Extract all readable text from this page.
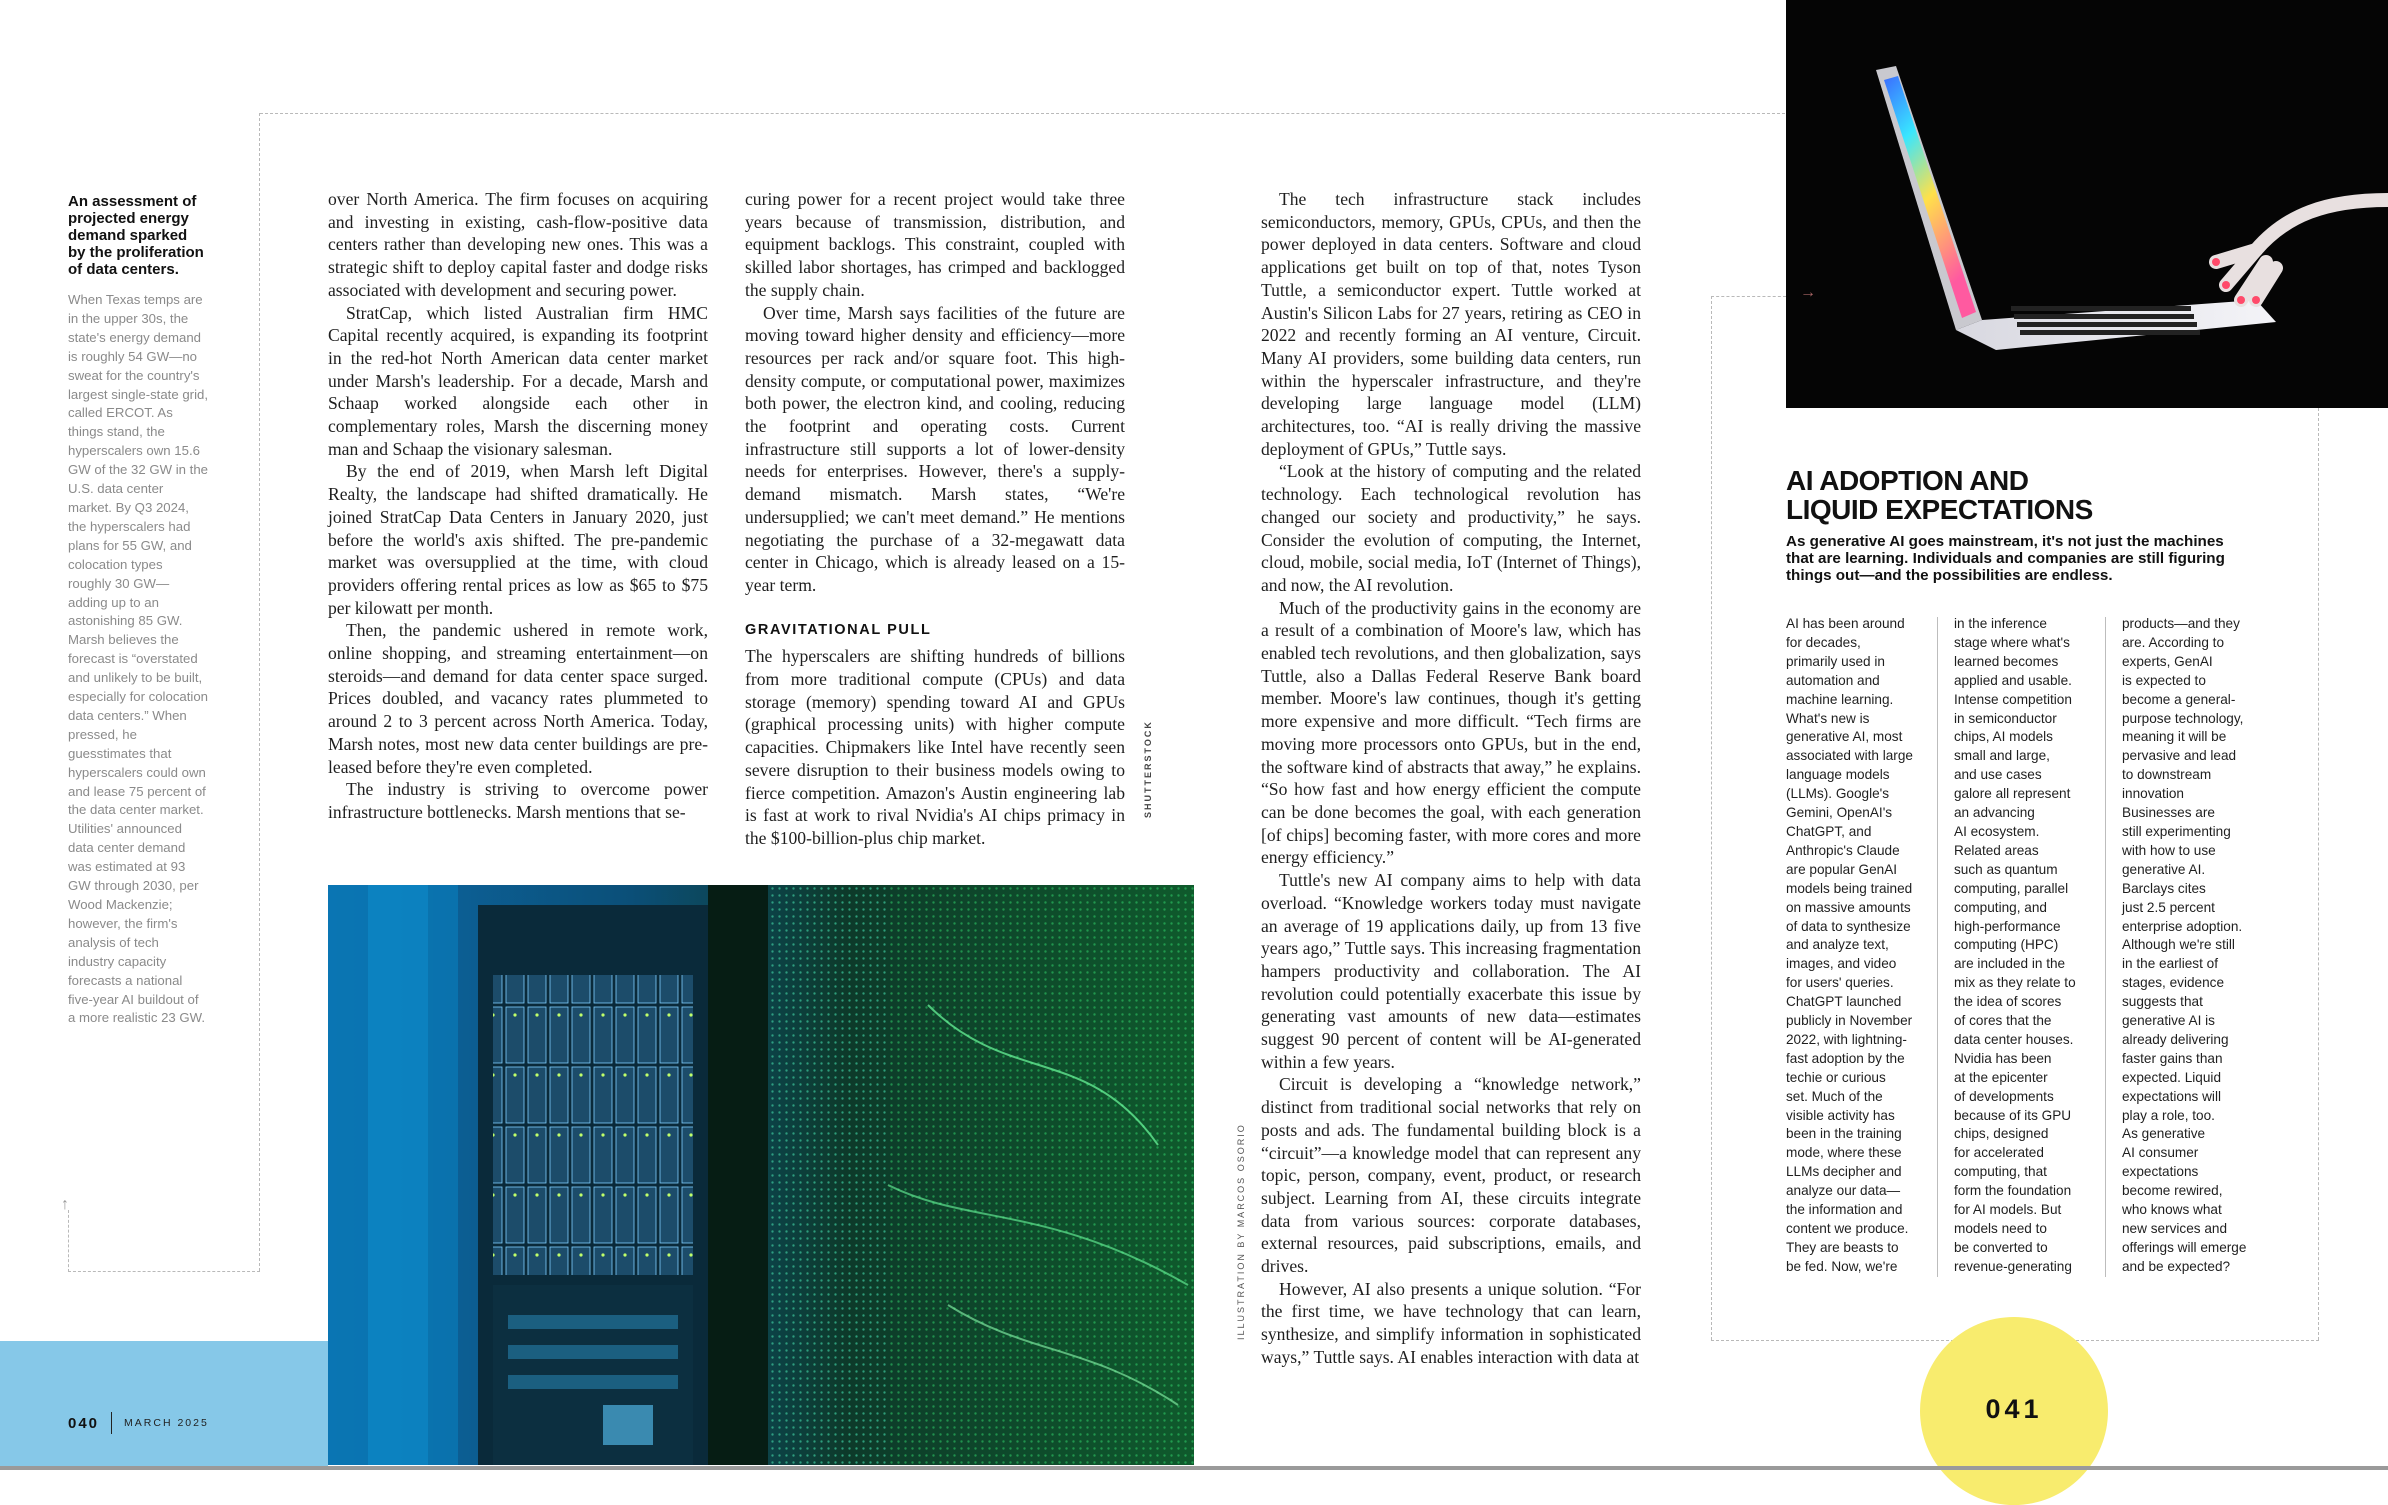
↑
An assessment of projected energy demand sparked by the proliferation of data centers.
When Texas temps are in the upper 30s, the state's energy demand is roughly 54 GW—no sweat for the country's largest single-state grid, called ERCOT. As things stand, the hyperscalers own 15.6 GW of the 32 GW in the U.S. data center market. By Q3 2024, the hyperscalers had plans for 55 GW, and colocation types roughly 30 GW—adding up to an astonishing 85 GW. Marsh believes the forecast is “overstated and unlikely to be built, especially for colocation data centers.” When pressed, he guesstimates that hyperscalers could own and lease 75 percent of the data center market. Utilities' announced data center demand was estimated at 93 GW through 2030, per Wood Mackenzie; however, the firm's analysis of tech industry capacity forecasts a national five-year AI buildout of a more realistic 23 GW.

over North America. The firm focuses on acquiring and investing in existing, cash-flow-positive data centers rather than developing new ones. This was a strategic shift to deploy capital faster and dodge risks associated with development and securing power.

StratCap, which listed Australian firm HMC Capital recently acquired, is expanding its footprint in the red-hot North American data center market under Marsh's leadership. For a decade, Marsh and Schaap worked alongside each other in complementary roles, Marsh the discerning money man and Schaap the visionary salesman.

By the end of 2019, when Marsh left Digital Realty, the landscape had shifted dramatically. He joined StratCap Data Centers in January 2020, just before the world's axis shifted. The pre-pandemic market was oversupplied at the time, with cloud providers offering rental prices as low as $65 to $75 per kilowatt per month.

Then, the pandemic ushered in remote work, online shopping, and streaming entertainment—on steroids—and demand for data center space surged. Prices doubled, and vacancy rates plummeted to around 2 to 3 percent across North America. Today, Marsh notes, most new data center buildings are pre-leased before they're even completed.

The industry is striving to overcome power infrastructure bottlenecks. Marsh mentions that se-

curing power for a recent project would take three years because of transmission, distribution, and equipment backlogs. This constraint, coupled with skilled labor shortages, has crimped and backlogged the supply chain.

Over time, Marsh says facilities of the future are moving toward higher density and efficiency—more resources per rack and/or square foot. This high-density compute, or computational power, maximizes both power, the electron kind, and cooling, reducing the footprint and operating costs. Current infrastructure still supports a lot of lower-density needs for enterprises. However, there's a supply-demand mismatch. Marsh states, “We're undersupplied; we can't meet demand.” He mentions negotiating the purchase of a 32-megawatt data center in Chicago, which is already leased on a 15-year term.

GRAVITATIONAL PULL

The hyperscalers are shifting hundreds of billions from more traditional compute (CPUs) and data storage (memory) spending toward AI and GPUs (graphical processing units) with higher compute capacities. Chipmakers like Intel have recently seen severe disruption to their business models owing to fierce competition. Amazon's Austin engineering lab is fast at work to rival Nvidia's AI chips primacy in the $100-billion-plus chip market.

SHUTTERSTOCK
040 MARCH 2025
ILLUSTRATION BY MARCOS OSORIO

The tech infrastructure stack includes semiconductors, memory, GPUs, CPUs, and then the power deployed in data centers. Software and cloud applications get built on top of that, notes Tyson Tuttle, a semiconductor expert. Tuttle worked at Austin's Silicon Labs for 27 years, retiring as CEO in 2022 and recently forming an AI venture, Circuit. Many AI providers, some building data centers, run within the hyperscaler infrastructure, and they're developing large language model (LLM) architectures, too. “AI is really driving the massive deployment of GPUs,” Tuttle says.

“Look at the history of computing and the related technology. Each technological revolution has changed our society and productivity,” he says. Consider the evolution of computing, the Internet, cloud, mobile, social media, IoT (Internet of Things), and now, the AI revolution.

Much of the productivity gains in the economy are a result of a combination of Moore's law, which has enabled tech revolutions, and then globalization, says Tuttle, also a Dallas Federal Reserve Bank board member. Moore's law continues, though it's getting more expensive and more difficult. “Tech firms are moving more processors onto GPUs, but in the end, the software kind of abstracts that away,” he explains. “So how fast and how energy efficient the compute can be done becomes the goal, with each generation [of chips] becoming faster, with more cores and more energy efficiency.”

Tuttle's new AI company aims to help with data overload. “Knowledge workers today must navigate an average of 19 applications daily, up from 13 five years ago,” Tuttle says. This increasing fragmentation hampers productivity and collaboration. The AI revolution could potentially exacerbate this issue by generating vast amounts of new data—estimates suggest 90 percent of content will be AI-generated within a few years.

Circuit is developing a “knowledge network,” distinct from traditional social networks that rely on posts and ads. The fundamental building block is a “circuit”—a knowledge model that can represent any topic, person, company, event, product, or research subject. Learning from AI, these circuits integrate data from various sources: corporate databases, external resources, paid subscriptions, emails, and drives.

However, AI also presents a unique solution. “For the first time, we have technology that can learn, synthesize, and simplify information in sophisticated ways,” Tuttle says. AI enables interaction with data at

→
AI ADOPTION AND
LIQUID EXPECTATIONS
As generative AI goes mainstream, it's not just the machines that are learning. Individuals and companies are still figuring things out—and the possibilities are endless.
AI has been around
for decades,
primarily used in
automation and
machine learning.
What's new is
generative AI, most
associated with large
language models
(LLMs). Google's
Gemini, OpenAI's
ChatGPT, and
Anthropic's Claude
are popular GenAI
models being trained
on massive amounts
of data to synthesize
and analyze text,
images, and video
for users' queries.
ChatGPT launched
publicly in November
2022, with lightning-
fast adoption by the
techie or curious
set. Much of the
visible activity has
been in the training
mode, where these
LLMs decipher and
analyze our data—
the information and
content we produce.
They are beasts to
be fed. Now, we're
in the inference
stage where what's
learned becomes
applied and usable.
Intense competition
in semiconductor
chips, AI models
small and large,
and use cases
galore all represent
an advancing
AI ecosystem.
Related areas
such as quantum
computing, parallel
computing, and
high-performance
computing (HPC)
are included in the
mix as they relate to
the idea of scores
of cores that the
data center houses.
Nvidia has been
at the epicenter
of developments
because of its GPU
chips, designed
for accelerated
computing, that
form the foundation
for AI models. But
models need to
be converted to
revenue-generating
products—and they
are. According to
experts, GenAI
is expected to
become a general-
purpose technology,
meaning it will be
pervasive and lead
to downstream
innovation
Businesses are
still experimenting
with how to use
generative AI.
Barclays cites
just 2.5 percent
enterprise adoption.
Although we're still
in the earliest of
stages, evidence
suggests that
generative AI is
already delivering
faster gains than
expected. Liquid
expectations will
play a role, too.
As generative
AI consumer
expectations
become rewired,
who knows what
new services and
offerings will emerge
and be expected?
041
